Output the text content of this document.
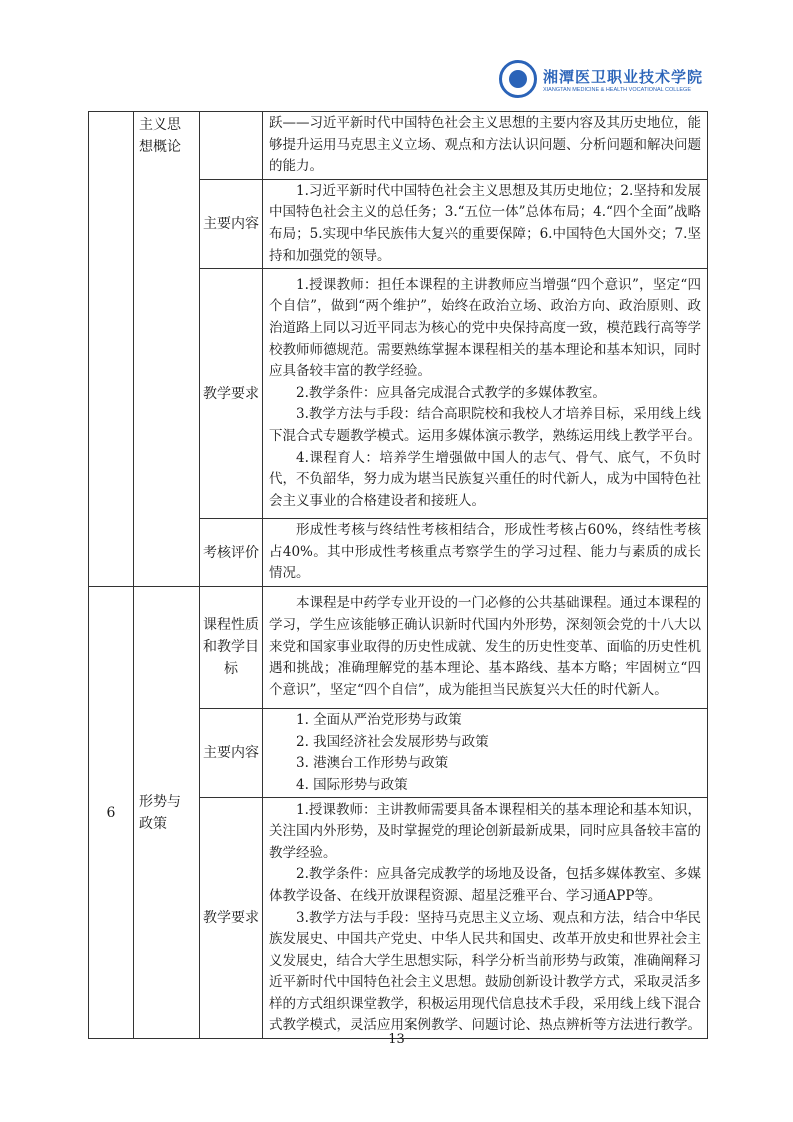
湘潭医卫职业技术学院
XIANGTAN MEDICINE & HEALTH VOCATIONAL COLLEGE
	主义思想概论		跃——习近平新时代中国特色社会主义思想的主要内容及其历史地位，能够提升运用马克思主义立场、观点和方法认识问题、分析问题和解决问题的能力。

		主要内容	1.习近平新时代中国特色社会主义思想及其历史地位；2.坚持和发展中国特色社会主义的总任务；3.“五位一体”总体布局；4.“四个全面”战略布局；5.实现中华民族伟大复兴的重要保障；6.中国特色大国外交；7.坚持和加强党的领导。

		教学要求	1.授课教师：担任本课程的主讲教师应当增强“四个意识”，坚定“四个自信”，做到“两个维护”，始终在政治立场、政治方向、政治原则、政治道路上同以习近平同志为核心的党中央保持高度一致，模范践行高等学校教师师德规范。需要熟练掌握本课程相关的基本理论和基本知识，同时应具备较丰富的教学经验。

2.教学条件：应具备完成混合式教学的多媒体教室。

3.教学方法与手段：结合高职院校和我校人才培养目标，采用线上线下混合式专题教学模式。运用多媒体演示教学，熟练运用线上教学平台。

4.课程育人：培养学生增强做中国人的志气、骨气、底气，不负时代，不负韶华，努力成为堪当民族复兴重任的时代新人，成为中国特色社会主义事业的合格建设者和接班人。

		考核评价	形成性考核与终结性考核相结合，形成性考核占60%，终结性考核占40%。其中形成性考核重点考察学生的学习过程、能力与素质的成长情况。

6	形势与政策	课程性质和教学目标	本课程是中药学专业开设的一门必修的公共基础课程。通过本课程的学习，学生应该能够正确认识新时代国内外形势，深刻领会党的十八大以来党和国家事业取得的历史性成就、发生的历史性变革、面临的历史性机遇和挑战；准确理解党的基本理论、基本路线、基本方略；牢固树立“四个意识”，坚定“四个自信”，成为能担当民族复兴大任的时代新人。

		主要内容	1. 全面从严治党形势与政策

2. 我国经济社会发展形势与政策

3. 港澳台工作形势与政策

4. 国际形势与政策

		教学要求	1.授课教师：主讲教师需要具备本课程相关的基本理论和基本知识，关注国内外形势，及时掌握党的理论创新最新成果，同时应具备较丰富的教学经验。

2.教学条件：应具备完成教学的场地及设备，包括多媒体教室、多媒体教学设备、在线开放课程资源、超星泛雅平台、学习通APP等。

3.教学方法与手段：坚持马克思主义立场、观点和方法，结合中华民族发展史、中国共产党史、中华人民共和国史、改革开放史和世界社会主义发展史，结合大学生思想实际，科学分析当前形势与政策，准确阐释习近平新时代中国特色社会主义思想。鼓励创新设计教学方式，采取灵活多样的方式组织课堂教学，积极运用现代信息技术手段，采用线上线下混合式教学模式，灵活应用案例教学、问题讨论、热点辨析等方法进行教学。

13
